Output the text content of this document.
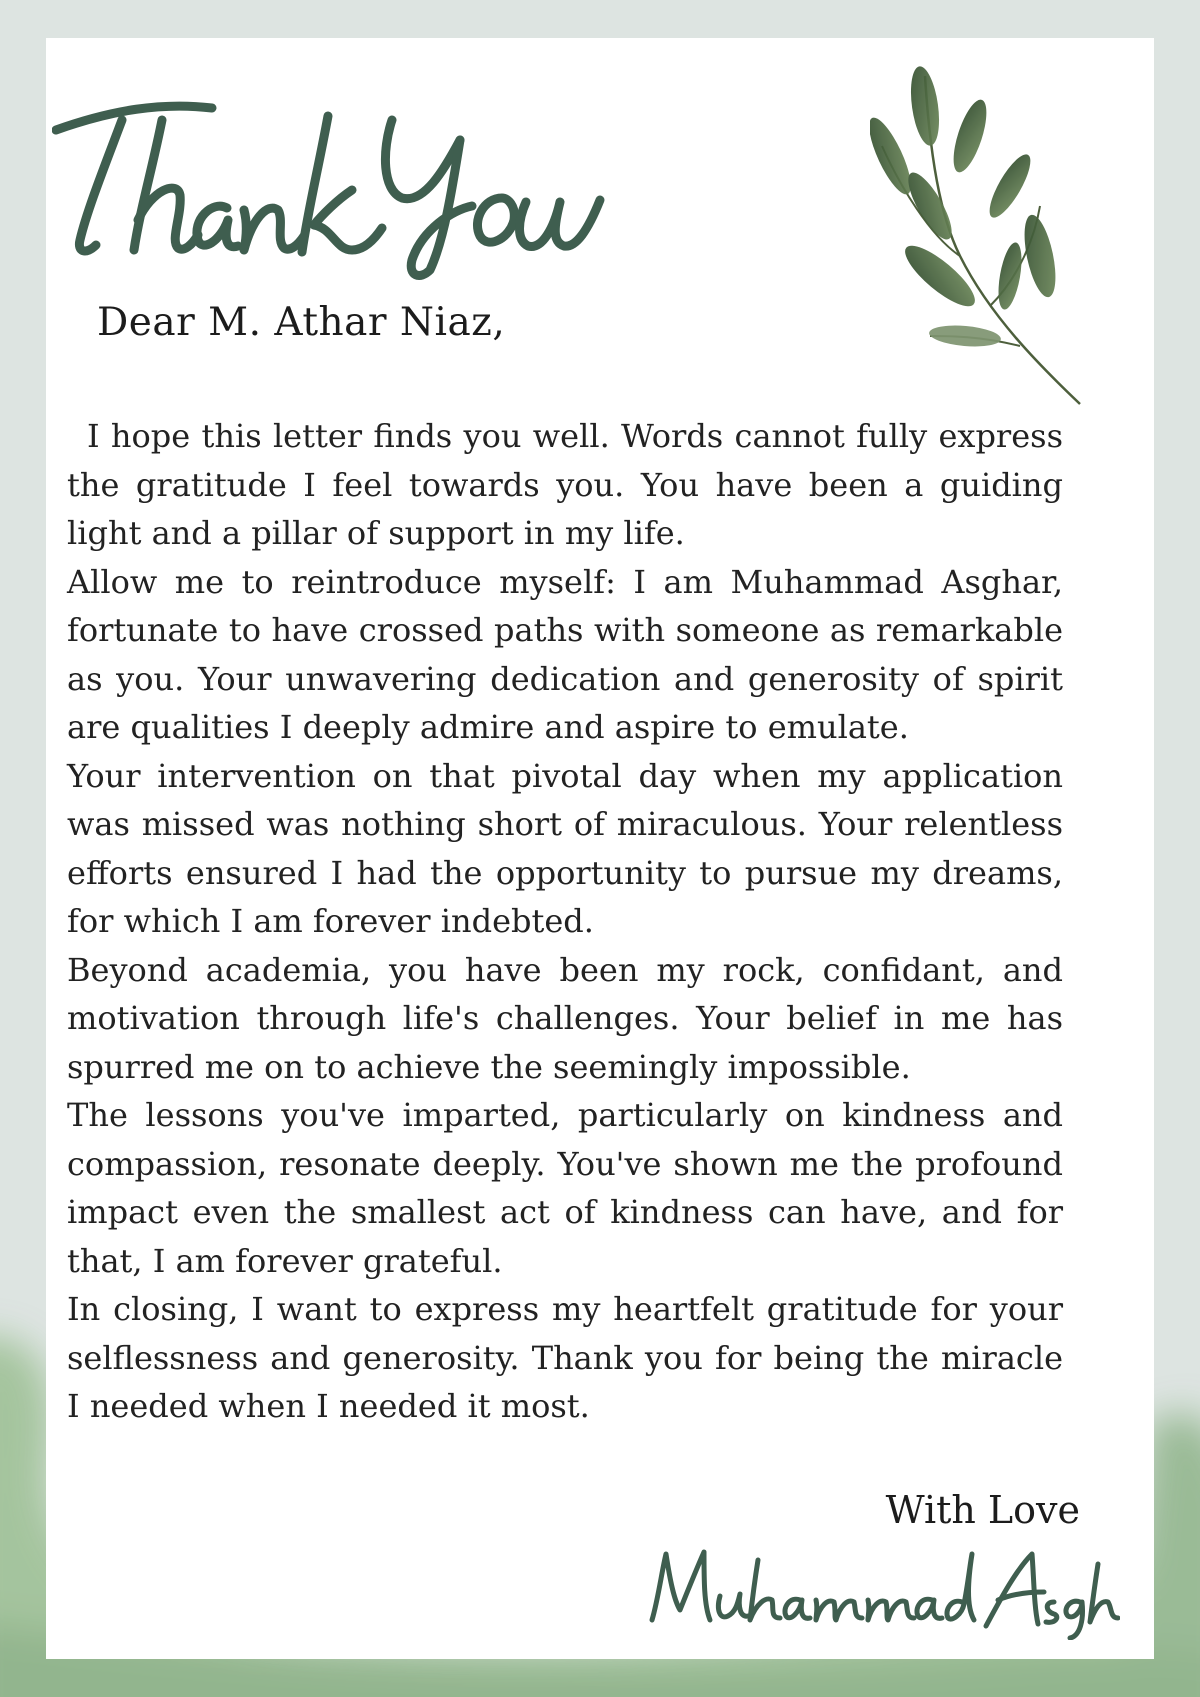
Dear M. Athar Niaz,

I hope this letter finds you well. Words cannot fully express the gratitude I feel towards you. You have been a guiding light and a pillar of support in my life.

Allow me to reintroduce myself: I am Muhammad Asghar, fortunate to have crossed paths with someone as remarkable as you. Your unwavering dedication and generosity of spirit are qualities I deeply admire and aspire to emulate.

Your intervention on that pivotal day when my application was missed was nothing short of miraculous. Your relentless efforts ensured I had the opportunity to pursue my dreams, for which I am forever indebted.

Beyond academia, you have been my rock, confidant, and motivation through life's challenges. Your belief in me has spurred me on to achieve the seemingly impossible.

The lessons you've imparted, particularly on kindness and compassion, resonate deeply. You've shown me the profound impact even the smallest act of kindness can have, and for that, I am forever grateful.

In closing, I want to express my heartfelt gratitude for your selflessness and generosity. Thank you for being the miracle I needed when I needed it most.

With Love
